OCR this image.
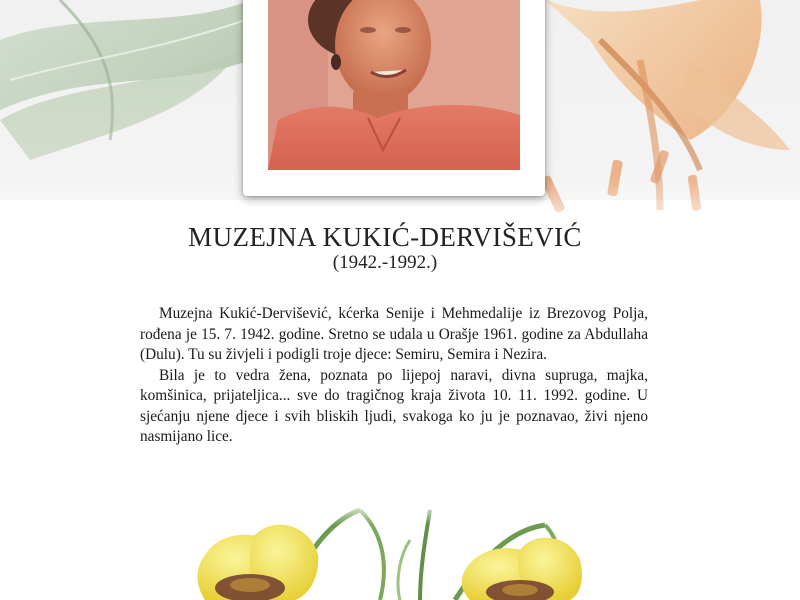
MUZEJNA KUKIĆ-DERVIŠEVIĆ
(1942.-1992.)

Muzejna Kukić-Dervišević, kćerka Senije i Mehmedalije iz Brezovog Polja, rođena je 15. 7. 1942. godine. Sretno se udala u Orašje 1961. godine za Abdullaha (Dulu). Tu su živjeli i podigli troje djece: Semiru, Semira i Nezira.

Bila je to vedra žena, poznata po lijepoj naravi, divna supruga, majka, komšinica, prijateljica... sve do tragičnog kraja života 10. 11. 1992. godine. U sjećanju njene djece i svih bliskih ljudi, svakoga ko ju je poznavao, živi njeno nasmijano lice.
